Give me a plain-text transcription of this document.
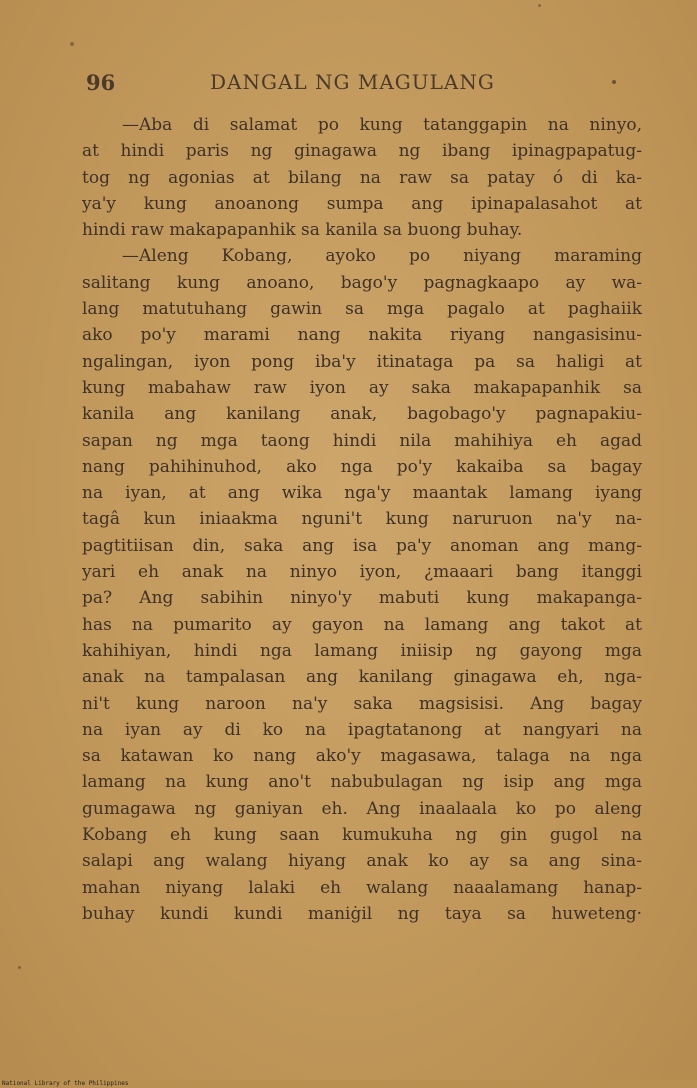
96	DANGAL NG MAGULANG
—Aba di salamat po kung tatanggapin na ninyo,
at hindi paris ng ginagawa ng ibang ipinagpapatug-
tog ng agonias at bilang na raw sa patay ó di ka-
ya'y kung anoanong sumpa ang ipinapalasahot at
hindi raw makapapanhik sa kanila sa buong buhay.
—Aleng Kobang, ayoko po niyang maraming
salitang kung anoano, bago'y pagnagkaapo ay wa-
lang matutuhang gawin sa mga pagalo at paghaiik
ako po'y marami nang nakita riyang nangasisinu-
ngalingan, iyon pong iba'y itinataga pa sa haligi at
kung mabahaw raw iyon ay saka makapapanhik sa
kanila ang kanilang anak, bagobago'y pagnapakiu-
sapan ng mga taong hindi nila mahihiya eh agad
nang pahihinuhod, ako nga po'y kakaiba sa bagay
na iyan, at ang wika nga'y maantak lamang iyang
tagâ kun iniaakma nguni't kung naruruon na'y na-
pagtitiisan din, saka ang isa pa'y anoman ang mang-
yari eh anak na ninyo iyon, ¿maaari bang itanggi
pa? Ang sabihin ninyo'y mabuti kung makapanga-
has na pumarito ay gayon na lamang ang takot at
kahihiyan, hindi nga lamang iniisip ng gayong mga
anak na tampalasan ang kanilang ginagawa eh, nga-
ni't kung naroon na'y saka magsisisi. Ang bagay
na iyan ay di ko na ipagtatanong at nangyari na
sa katawan ko nang ako'y magasawa, talaga na nga
lamang na kung ano't nabubulagan ng isip ang mga
gumagawa ng ganiyan eh. Ang inaalaala ko po aleng
Kobang eh kung saan kumukuha ng gin gugol na
salapi ang walang hiyang anak ko ay sa ang sina-
mahan niyang lalaki eh walang naaalamang hanap-
buhay kundi kundi maniġil ng taya sa huweteng·
National Library of the Philippines
